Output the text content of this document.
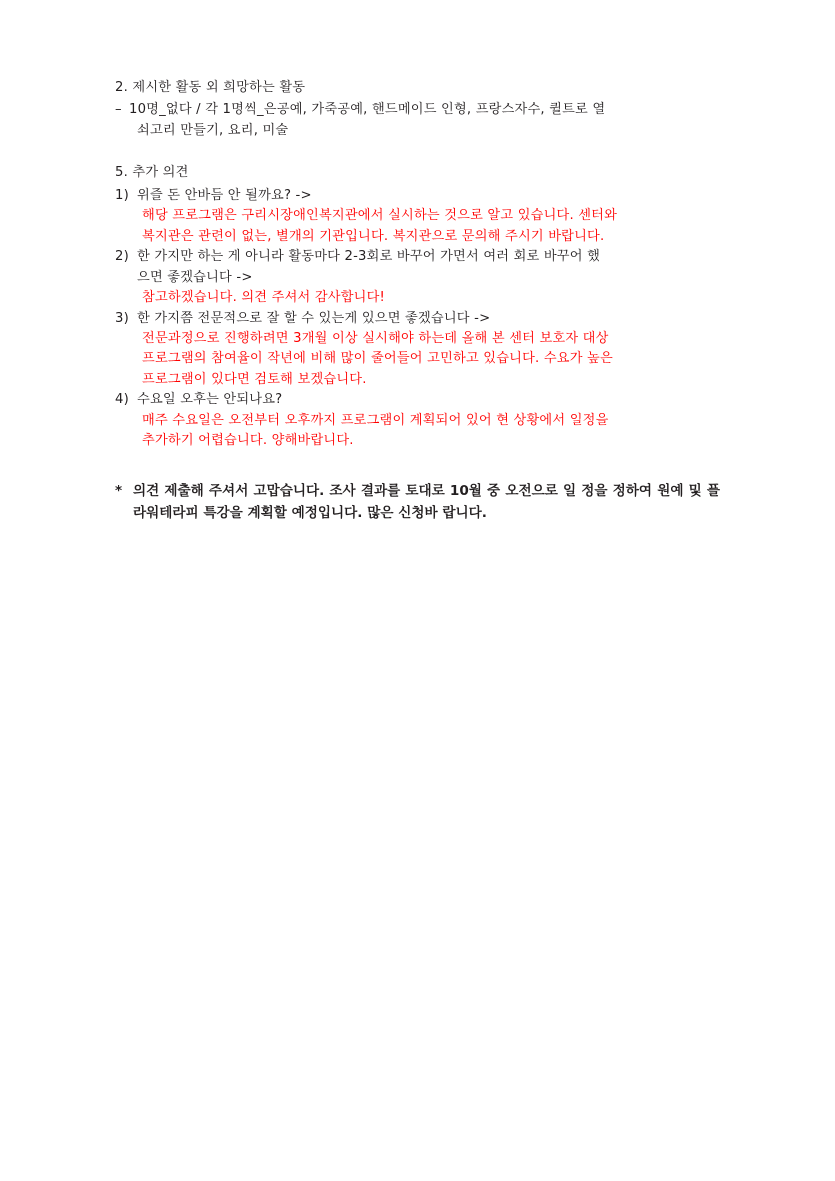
2. 제시한 활동 외 희망하는 활동
– 10명_없다 / 각 1명씩_은공예, 가죽공예, 핸드메이드 인형, 프랑스자수, 퀼트로 열
쇠고리 만들기, 요리, 미술
5. 추가 의견
1) 위즐 돈 안바듬 안 될까요? ->
해당 프로그램은 구리시장애인복지관에서 실시하는 것으로 알고 있습니다. 센터와
복지관은 관련이 없는, 별개의 기관입니다. 복지관으로 문의해 주시기 바랍니다.
2) 한 가지만 하는 게 아니라 활동마다 2-3회로 바꾸어 가면서 여러 회로 바꾸어 했
으면 좋겠습니다 ->
참고하겠습니다. 의견 주셔서 감사합니다!
3) 한 가지쯤 전문적으로 잘 할 수 있는게 있으면 좋겠습니다 ->
전문과정으로 진행하려면 3개월 이상 실시해야 하는데 올해 본 센터 보호자 대상
프로그램의 참여율이 작년에 비해 많이 줄어들어 고민하고 있습니다. 수요가 높은
프로그램이 있다면 검토해 보겠습니다.
4) 수요일 오후는 안되나요?
매주 수요일은 오전부터 오후까지 프로그램이 계획되어 있어 현 상황에서 일정을
추가하기 어렵습니다. 양해바랍니다.
* 의견 제출해 주셔서 고맙습니다. 조사 결과를 토대로 10월 중 오전으로 일 정을 정하여 원예 및 플라워테라피 특강을 계획할 예정입니다. 많은 신청바 랍니다.
